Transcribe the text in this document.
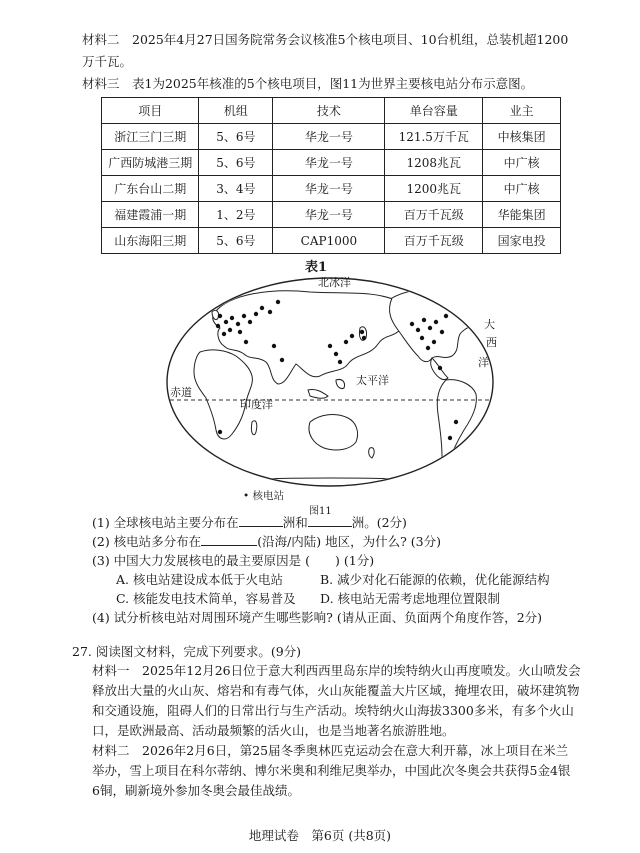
材料二　2025年4月27日国务院常务会议核准5个核电项目、10台机组，总装机超1200
万千瓦。
材料三　表1为2025年核准的5个核电项目，图11为世界主要核电站分布示意图。
项目	机组	技术	单台容量	业主
浙江三门三期	5、6号	华龙一号	121.5万千瓦	中核集团
广西防城港三期	5、6号	华龙一号	1208兆瓦	中广核
广东台山二期	3、4号	华龙一号	1200兆瓦	中广核
福建霞浦一期	1、2号	华龙一号	百万千瓦级	华能集团
山东海阳三期	5、6号	CAP1000	百万千瓦级	国家电投
表1
北冰洋
太平洋
印度洋
赤道
大
西
洋
• 核电站
图11
(1) 全球核电站主要分布在	洲和	洲。(2分)
(2) 核电站多分布在	(沿海/内陆) 地区，为什么? (3分)
(3) 中国大力发展核电的最主要原因是 (　　) (1分)
A. 核电站建设成本低于火电站	B. 减少对化石能源的依赖，优化能源结构
C. 核能发电技术简单，容易普及 D. 核电站无需考虑地理位置限制
(4) 试分析核电站对周围环境产生哪些影响? (请从正面、负面两个角度作答，2分)
27. 阅读图文材料，完成下列要求。(9分)
材料一　2025年12月26日位于意大利西西里岛东岸的埃特纳火山再度喷发。火山喷发会
释放出大量的火山灰、熔岩和有毒气体，火山灰能覆盖大片区域，掩埋农田，破坏建筑物
和交通设施，阻碍人们的日常出行与生产活动。埃特纳火山海拔3300多米，有多个火山
口，是欧洲最高、活动最频繁的活火山，也是当地著名旅游胜地。
材料二　2026年2月6日，第25届冬季奥林匹克运动会在意大利开幕，冰上项目在米兰
举办，雪上项目在科尔蒂纳、博尔米奥和利维尼奥举办，中国此次冬奥会共获得5金4银
6铜，刷新境外参加冬奥会最佳战绩。
地理试卷　第6页 (共8页)
